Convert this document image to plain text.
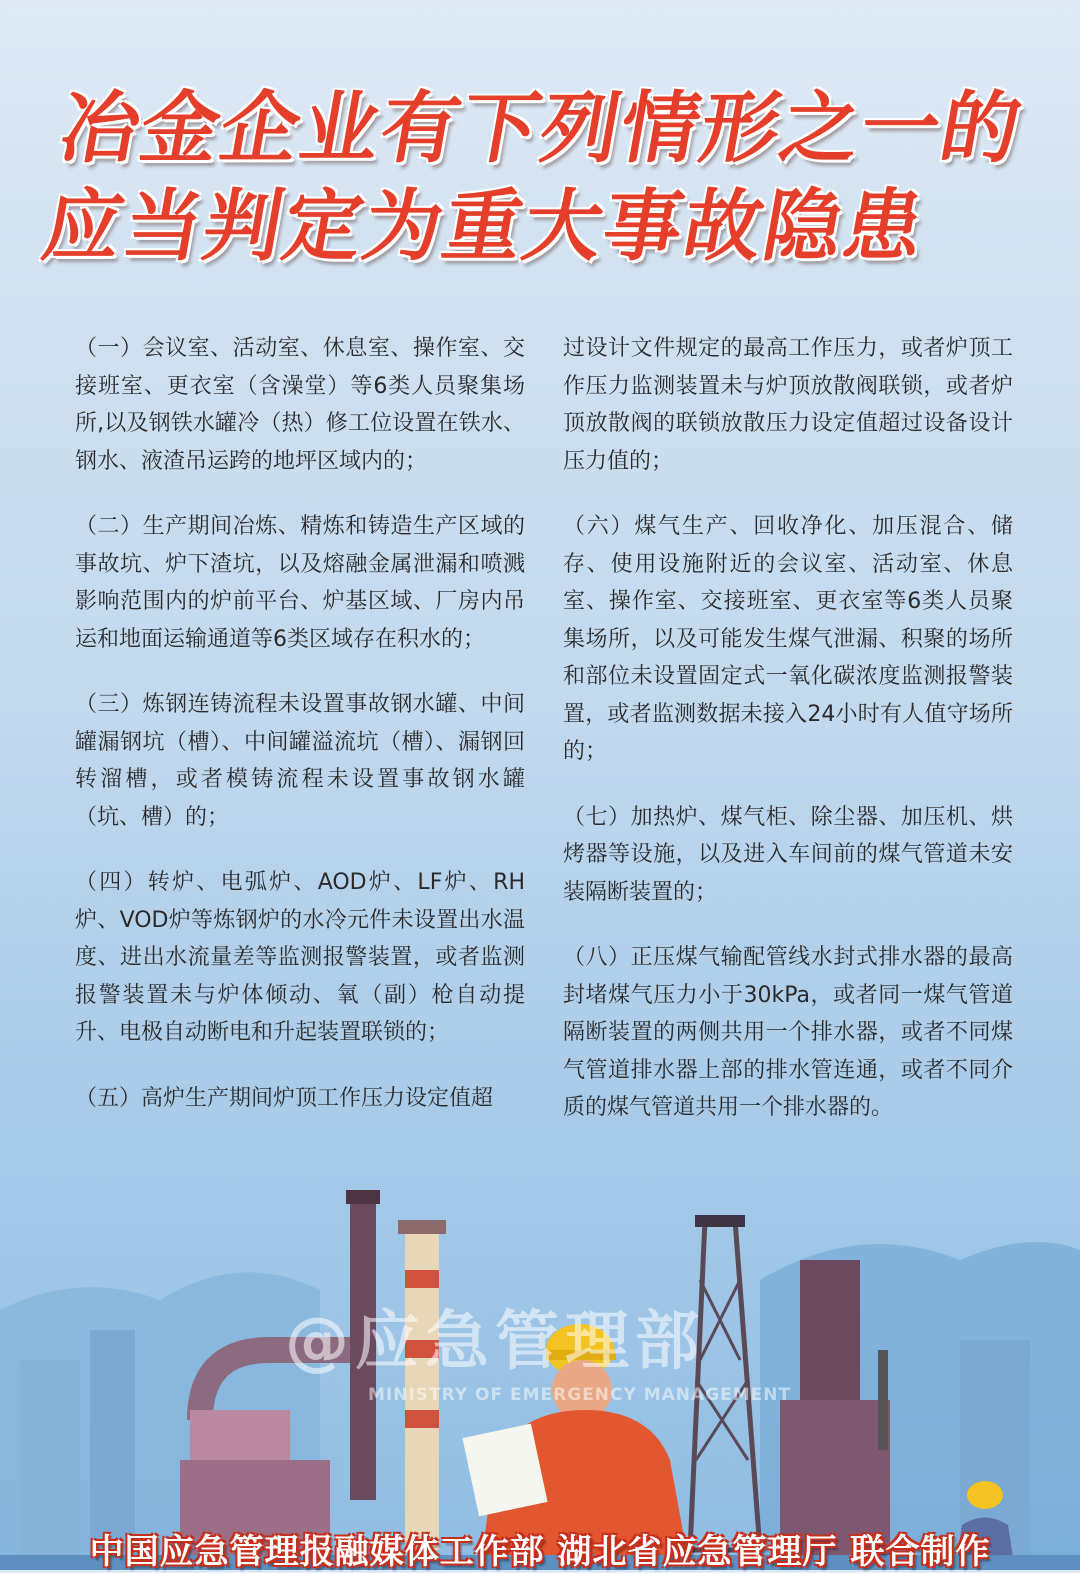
冶金企业有下列情形之一的
应当判定为重大事故隐患

（一）会议室、活动室、休息室、操作室、交接班室、更衣室（含澡堂）等6类人员聚集场所,以及钢铁水罐冷（热）修工位设置在铁水、钢水、液渣吊运跨的地坪区域内的；

（二）生产期间冶炼、精炼和铸造生产区域的事故坑、炉下渣坑，以及熔融金属泄漏和喷溅影响范围内的炉前平台、炉基区域、厂房内吊运和地面运输通道等6类区域存在积水的；

（三）炼钢连铸流程未设置事故钢水罐、中间罐漏钢坑（槽）、中间罐溢流坑（槽）、漏钢回转溜槽，或者模铸流程未设置事故钢水罐（坑、槽）的；

（四）转炉、电弧炉、AOD炉、LF炉、RH炉、VOD炉等炼钢炉的水冷元件未设置出水温度、进出水流量差等监测报警装置，或者监测报警装置未与炉体倾动、氧（副）枪自动提升、电极自动断电和升起装置联锁的；

（五）高炉生产期间炉顶工作压力设定值超

过设计文件规定的最高工作压力，或者炉顶工作压力监测装置未与炉顶放散阀联锁，或者炉顶放散阀的联锁放散压力设定值超过设备设计压力值的；

（六）煤气生产、回收净化、加压混合、储存、使用设施附近的会议室、活动室、休息室、操作室、交接班室、更衣室等6类人员聚集场所，以及可能发生煤气泄漏、积聚的场所和部位未设置固定式一氧化碳浓度监测报警装置，或者监测数据未接入24小时有人值守场所的；

（七）加热炉、煤气柜、除尘器、加压机、烘烤器等设施，以及进入车间前的煤气管道未安装隔断装置的；

（八）正压煤气输配管线水封式排水器的最高封堵煤气压力小于30kPa，或者同一煤气管道隔断装置的两侧共用一个排水器，或者不同煤气管道排水器上部的排水管连通，或者不同介质的煤气管道共用一个排水器的。

@应急管理部
MINISTRY OF EMERGENCY MANAGEMENT
中国应急管理报融媒体工作部 湖北省应急管理厅 联合制作
